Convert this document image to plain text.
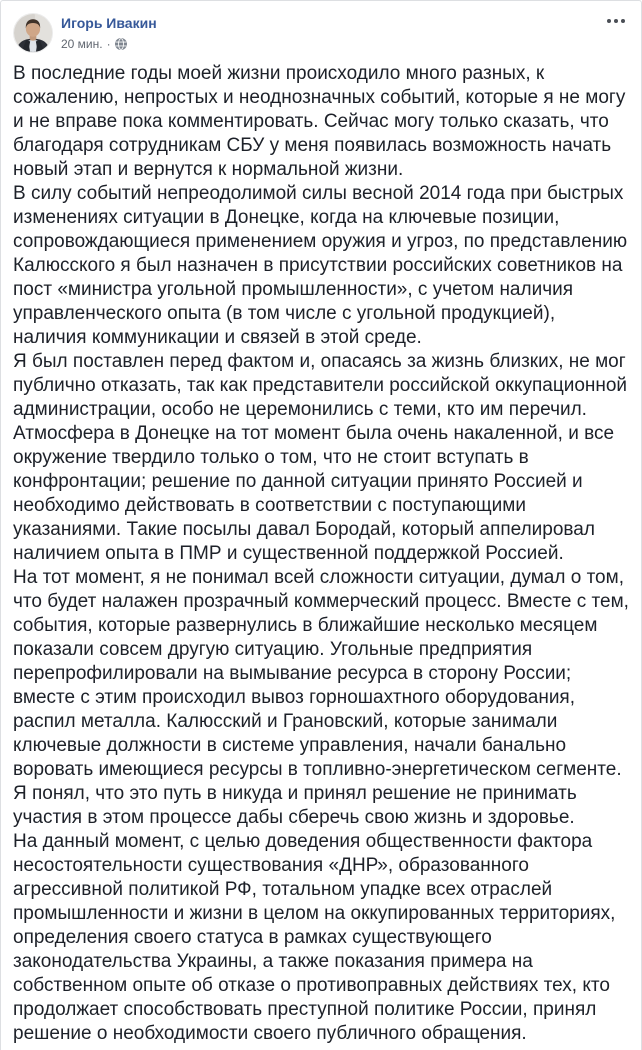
Игорь Ивакин
20 мин. ·

В последние годы моей жизни происходило много разных, к сожалению, непростых и неоднозначных событий, которые я не могу и не вправе пока комментировать. Сейчас могу только сказать, что благодаря сотрудникам СБУ у меня появилась возможность начать новый этап и вернутся к нормальной жизни.

В силу событий непреодолимой силы весной 2014 года при быстрых изменениях ситуации в Донецке, когда на ключевые позиции, сопровождающиеся применением оружия и угроз, по представлению Калюсского я был назначен в присутствии российских советников на пост «министра угольной промышленности», с учетом наличия управленческого опыта (в том числе с угольной продукцией), наличия коммуникации и связей в этой среде.

Я был поставлен перед фактом и, опасаясь за жизнь близких, не мог публично отказать, так как представители российской оккупационной администрации, особо не церемонились с теми, кто им перечил. Атмосфера в Донецке на тот момент была очень накаленной, и все окружение твердило только о том, что не стоит вступать в конфронтации; решение по данной ситуации принято Россией и необходимо действовать в соответствии с поступающими указаниями. Такие посылы давал Бородай, который аппелировал наличием опыта в ПМР и существенной поддержкой Россией.

На тот момент, я не понимал всей сложности ситуации, думал о том, что будет налажен прозрачный коммерческий процесс. Вместе с тем, события, которые развернулись в ближайшие несколько месяцем показали совсем другую ситуацию. Угольные предприятия перепрофилировали на вымывание ресурса в сторону России; вместе с этим происходил вывоз горношахтного оборудования, распил металла. Калюсский и Грановский, которые занимали ключевые должности в системе управления, начали банально воровать имеющиеся ресурсы в топливно-энергетическом сегменте. Я понял, что это путь в никуда и принял решение не принимать участия в этом процессе дабы сберечь свою жизнь и здоровье.

На данный момент, с целью доведения общественности фактора несостоятельности существования «ДНР», образованного агрессивной политикой РФ, тотальном упадке всех отраслей промышленности и жизни в целом на оккупированных территориях, определения своего статуса в рамках существующего законодательства Украины, а также показания примера на собственном опыте об отказе о противоправных действиях тех, кто продолжает способствовать преступной политике России, принял решение о необходимости своего публичного обращения.
